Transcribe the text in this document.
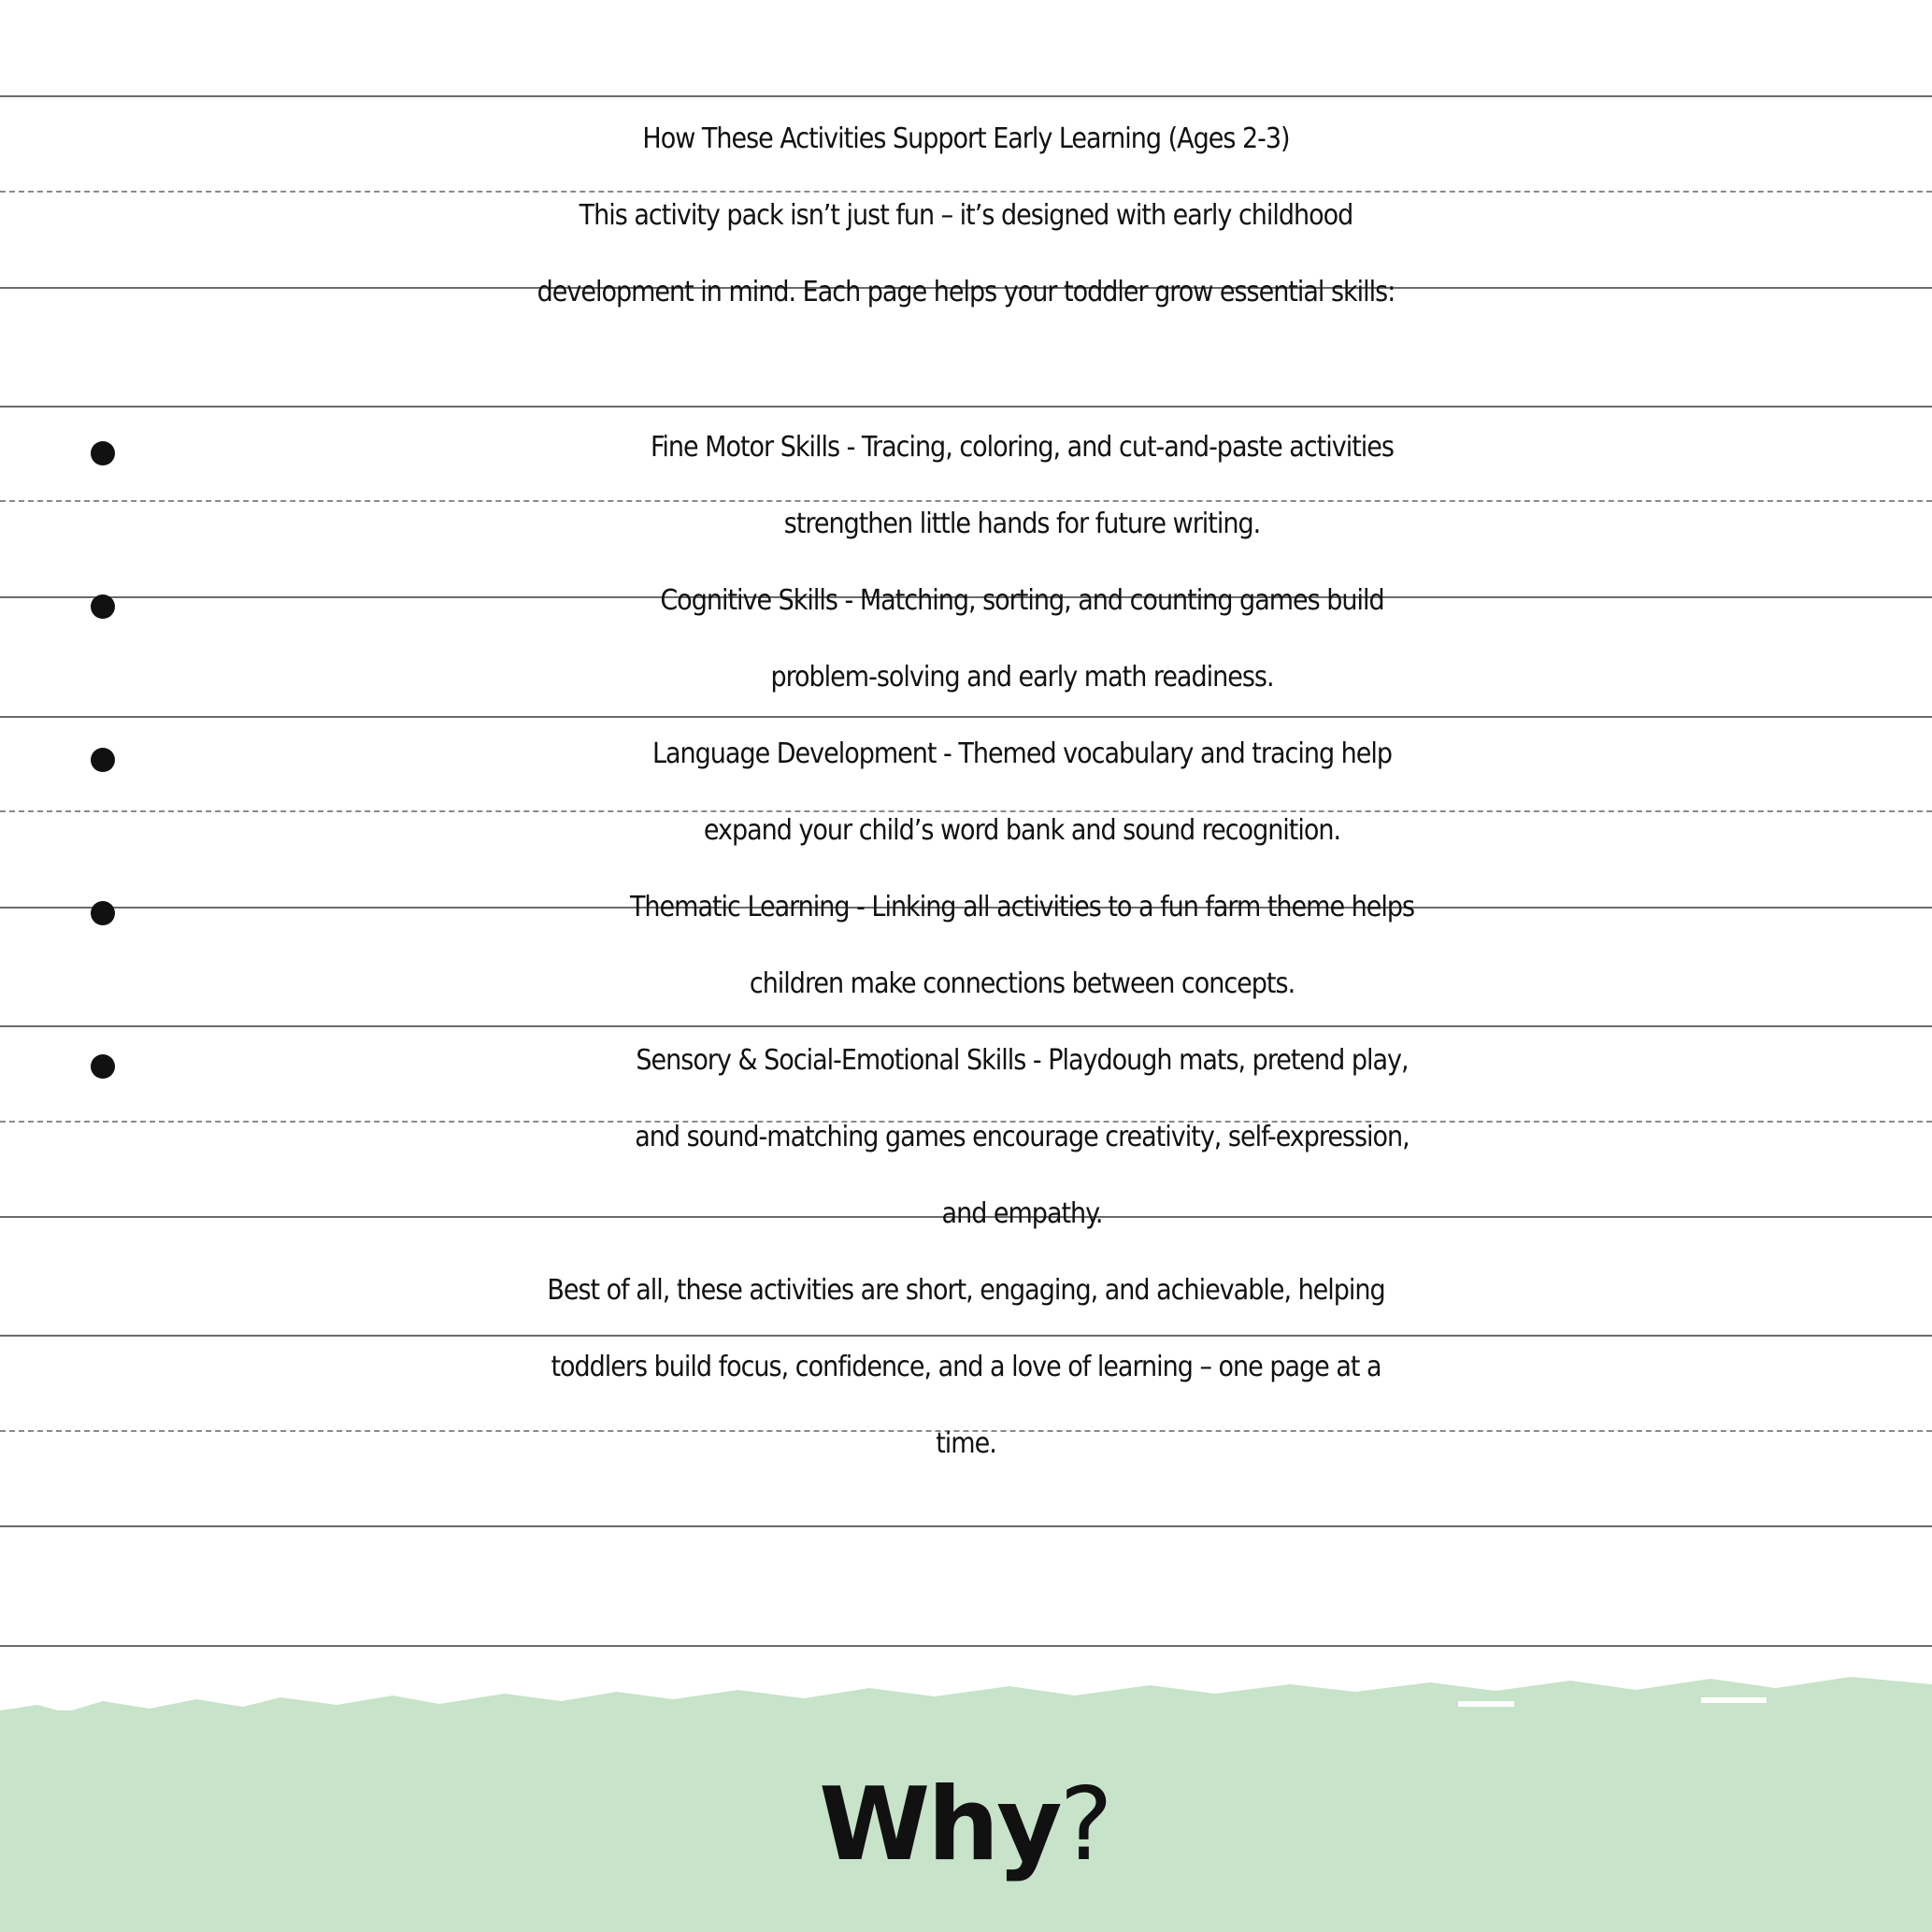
How These Activities Support Early Learning (Ages 2-3)
This activity pack isn’t just fun – it’s designed with early childhood
development in mind. Each page helps your toddler grow essential skills:
Fine Motor Skills - Tracing, coloring, and cut-and-paste activities
strengthen little hands for future writing.
Cognitive Skills - Matching, sorting, and counting games build
problem-solving and early math readiness.
Language Development - Themed vocabulary and tracing help
expand your child’s word bank and sound recognition.
Thematic Learning - Linking all activities to a fun farm theme helps
children make connections between concepts.
Sensory & Social-Emotional Skills - Playdough mats, pretend play,
and sound-matching games encourage creativity, self-expression,
and empathy.
Best of all, these activities are short, engaging, and achievable, helping
toddlers build focus, confidence, and a love of learning – one page at a
time.
Why?
